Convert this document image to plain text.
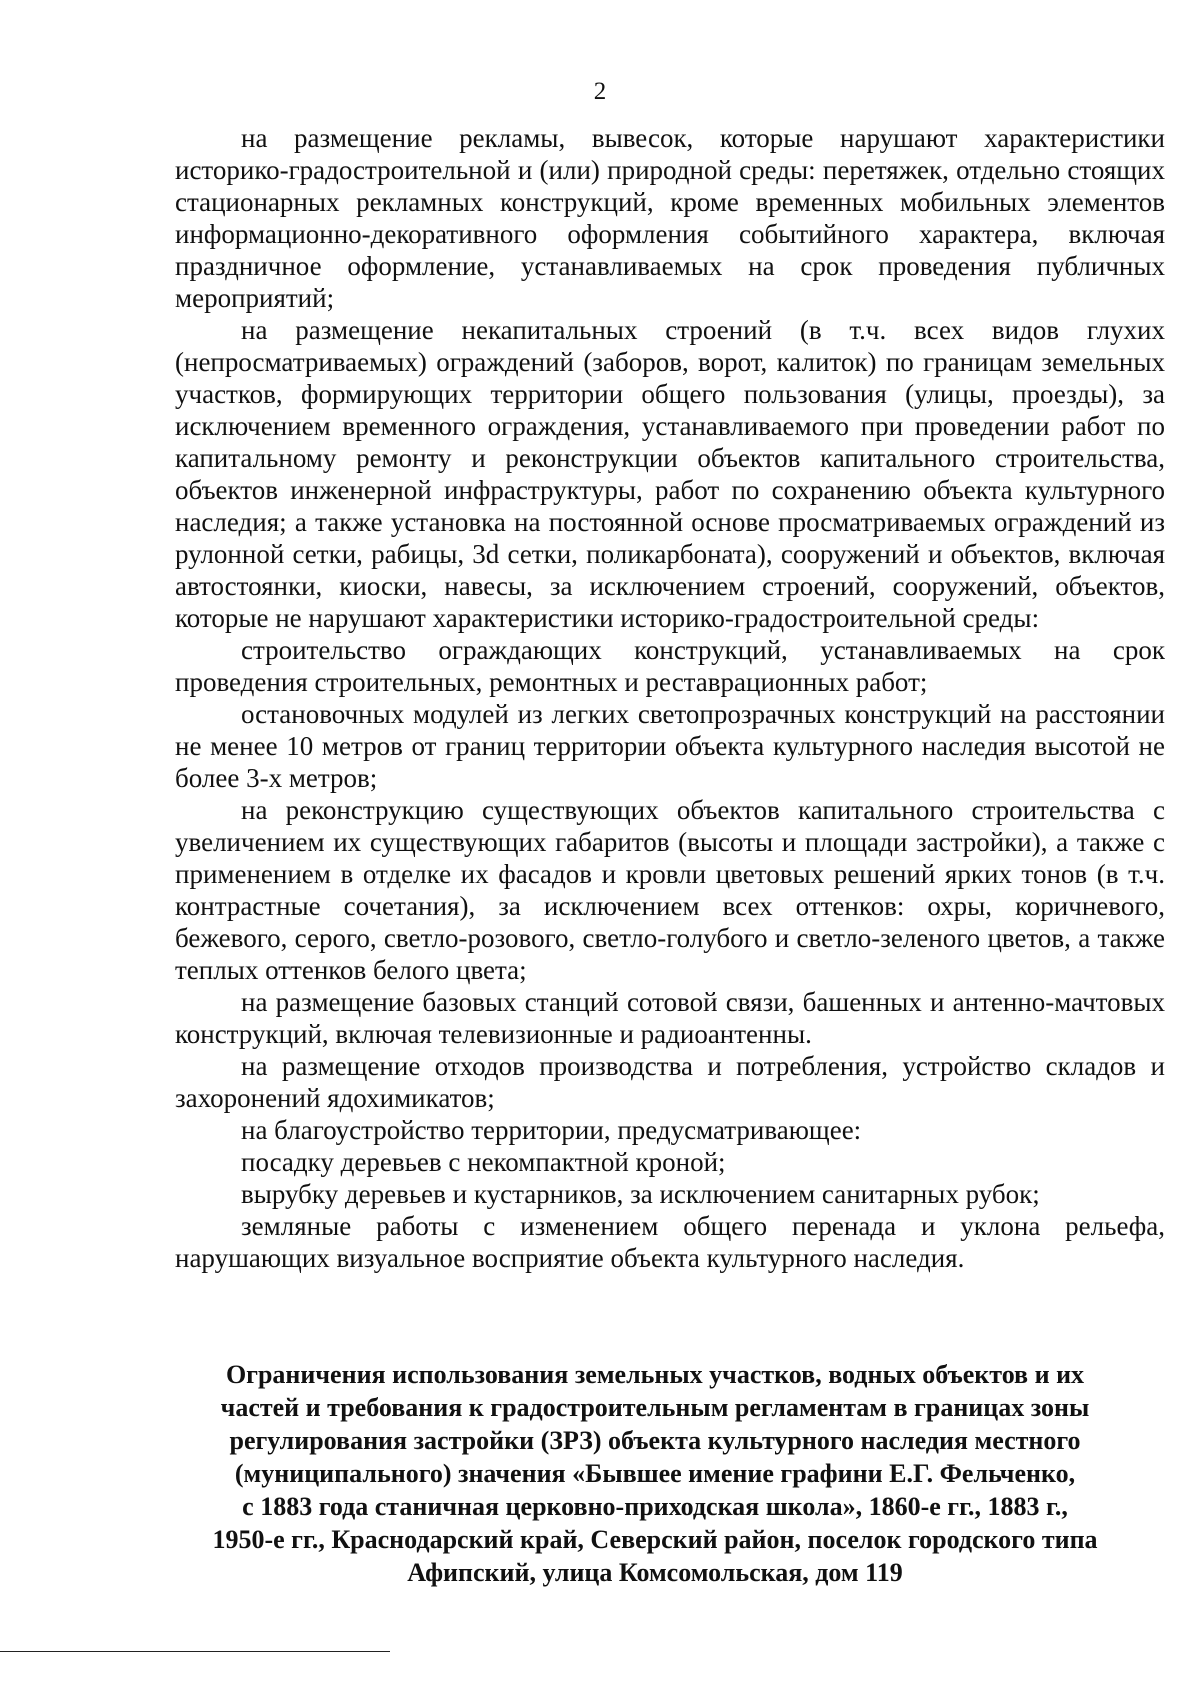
2

на размещение рекламы, вывесок, которые нарушают характеристики историко-градостроительной и (или) природной среды: перетяжек, отдельно стоящих стационарных рекламных конструкций, кроме временных мобильных элементов информационно-декоративного оформления событийного характера, включая праздничное оформление, устанавливаемых на срок проведения публичных мероприятий;

на размещение некапитальных строений (в т.ч. всех видов глухих (непросматриваемых) ограждений (заборов, ворот, калиток) по границам земельных участков, формирующих территории общего пользования (улицы, проезды), за исключением временного ограждения, устанавливаемого при проведении работ по капитальному ремонту и реконструкции объектов капитального строительства, объектов инженерной инфраструктуры, работ по сохранению объекта культурного наследия; а также установка на постоянной основе просматриваемых ограждений из рулонной сетки, рабицы, 3d сетки, поликарбоната), сооружений и объектов, включая автостоянки, киоски, навесы, за исключением строений, сооружений, объектов, которые не нарушают характеристики историко-градостроительной среды:

строительство ограждающих конструкций, устанавливаемых на срок проведения строительных, ремонтных и реставрационных работ;

остановочных модулей из легких светопрозрачных конструкций на расстоянии не менее 10 метров от границ территории объекта культурного наследия высотой не более 3-х метров;

на реконструкцию существующих объектов капитального строительства с увеличением их существующих габаритов (высоты и площади застройки), а также с применением в отделке их фасадов и кровли цветовых решений ярких тонов (в т.ч. контрастные сочетания), за исключением всех оттенков: охры, коричневого, бежевого, серого, светло-розового, светло-голубого и светло-зеленого цветов, а также теплых оттенков белого цвета;

на размещение базовых станций сотовой связи, башенных и антенно-мачтовых конструкций, включая телевизионные и радиоантенны.

на размещение отходов производства и потребления, устройство складов и захоронений ядохимикатов;

на благоустройство территории, предусматривающее:

посадку деревьев с некомпактной кроной;

вырубку деревьев и кустарников, за исключением санитарных рубок;

земляные работы с изменением общего перенада и уклона рельефа, нарушающих визуальное восприятие объекта культурного наследия.

Ограничения использования земельных участков, водных объектов и их
частей и требования к градостроительным регламентам в границах зоны
регулирования застройки (ЗРЗ) объекта культурного наследия местного
(муниципального) значения «Бывшее имение графини Е.Г. Фельченко,
с 1883 года станичная церковно-приходская школа», 1860-е гг., 1883 г.,
1950-е гг., Краснодарский край, Северский район, поселок городского типа
Афипский, улица Комсомольская, дом 119
